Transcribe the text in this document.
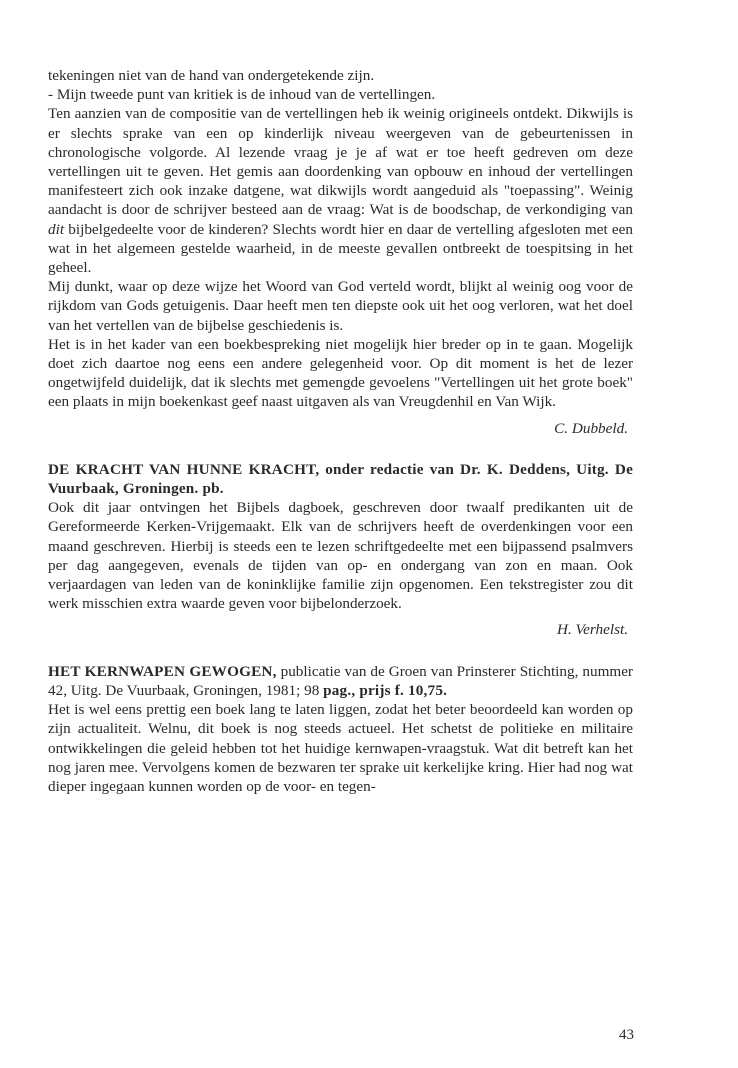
tekeningen niet van de hand van ondergetekende zijn.

- Mijn tweede punt van kritiek is de inhoud van de vertellingen.

Ten aanzien van de compositie van de vertellingen heb ik weinig origineels ontdekt. Dikwijls is er slechts sprake van een op kinderlijk niveau weergeven van de gebeurtenissen in chronologische volgorde. Al lezende vraag je je af wat er toe heeft gedreven om deze vertellingen uit te geven. Het gemis aan doordenking van opbouw en inhoud der vertellingen manifesteert zich ook inzake datgene, wat dikwijls wordt aangeduid als "toepassing". Weinig aandacht is door de schrijver besteed aan de vraag: Wat is de boodschap, de verkondiging van dit bijbelgedeelte voor de kinderen? Slechts wordt hier en daar de vertelling afgesloten met een wat in het algemeen gestelde waarheid, in de meeste gevallen ontbreekt de toespitsing in het geheel.

Mij dunkt, waar op deze wijze het Woord van God verteld wordt, blijkt al weinig oog voor de rijkdom van Gods getuigenis. Daar heeft men ten diepste ook uit het oog verloren, wat het doel van het vertellen van de bijbelse geschiedenis is.

Het is in het kader van een boekbespreking niet mogelijk hier breder op in te gaan. Mogelijk doet zich daartoe nog eens een andere gelegenheid voor. Op dit moment is het de lezer ongetwijfeld duidelijk, dat ik slechts met gemengde gevoelens "Vertellingen uit het grote boek" een plaats in mijn boekenkast geef naast uitgaven als van Vreugdenhil en Van Wijk.

C. Dubbeld.

DE KRACHT VAN HUNNE KRACHT, onder redactie van Dr. K. Deddens, Uitg. De Vuurbaak, Groningen. pb.

Ook dit jaar ontvingen het Bijbels dagboek, geschreven door twaalf predikanten uit de Gereformeerde Kerken-Vrijgemaakt. Elk van de schrijvers heeft de overdenkingen voor een maand geschreven. Hierbij is steeds een te lezen schriftgedeelte met een bijpassend psalmvers per dag aangegeven, evenals de tijden van op- en ondergang van zon en maan. Ook verjaardagen van leden van de koninklijke familie zijn opgenomen. Een tekstregister zou dit werk misschien extra waarde geven voor bijbelonderzoek.

H. Verhelst.

HET KERNWAPEN GEWOGEN, publicatie van de Groen van Prinsterer Stichting, nummer 42, Uitg. De Vuurbaak, Groningen, 1981; 98 pag., prijs f. 10,75.

Het is wel eens prettig een boek lang te laten liggen, zodat het beter beoordeeld kan worden op zijn actualiteit. Welnu, dit boek is nog steeds actueel. Het schetst de politieke en militaire ontwikkelingen die geleid hebben tot het huidige kernwapen-vraagstuk. Wat dit betreft kan het nog jaren mee. Vervolgens komen de bezwaren ter sprake uit kerkelijke kring. Hier had nog wat dieper ingegaan kunnen worden op de voor- en tegen-

43
